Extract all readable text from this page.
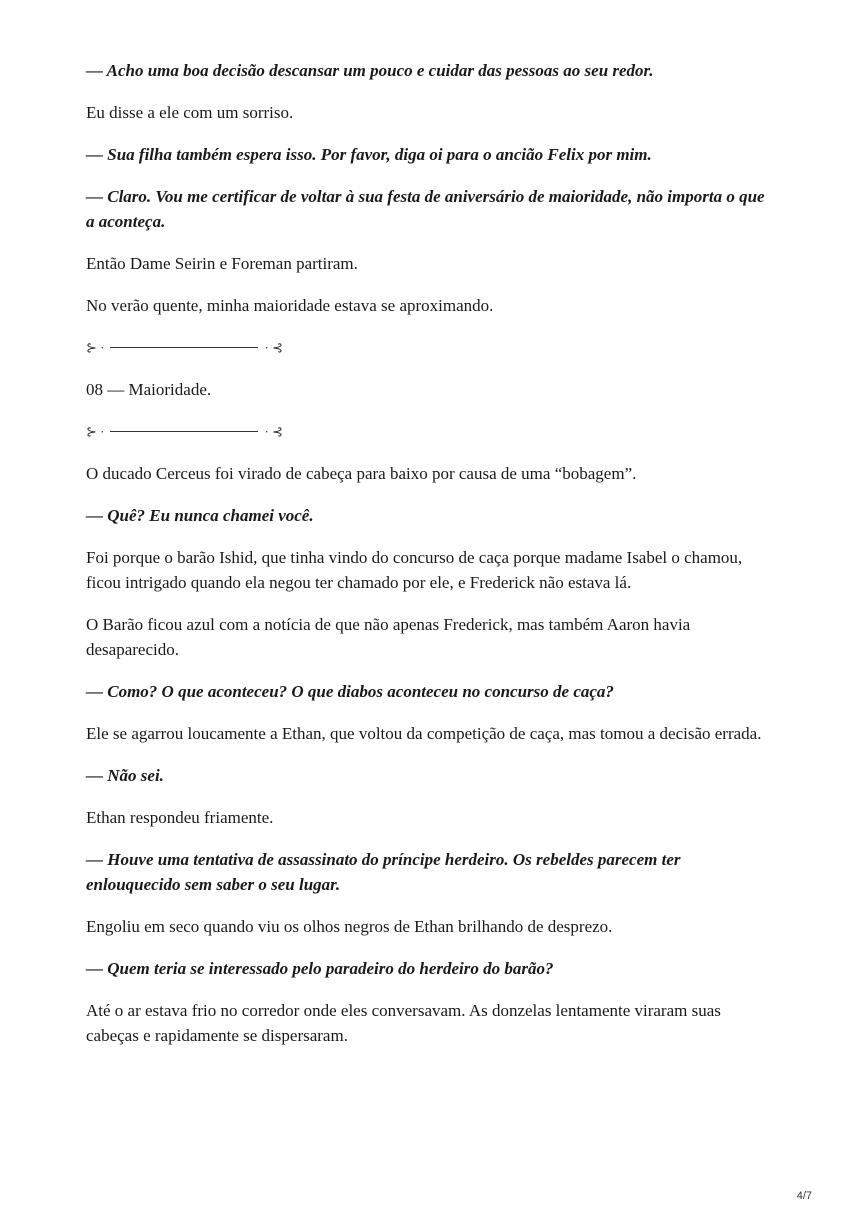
— Acho uma boa decisão descansar um pouco e cuidar das pessoas ao seu redor.

Eu disse a ele com um sorriso.

— Sua filha também espera isso. Por favor, diga oi para o ancião Felix por mim.

— Claro. Vou me certificar de voltar à sua festa de aniversário de maioridade, não importa o que a aconteça.

Então Dame Seirin e Foreman partiram.

No verão quente, minha maioridade estava se aproximando.

⊱ ·	· ⊰

08 — Maioridade.

⊱ ·	· ⊰

O ducado Cerceus foi virado de cabeça para baixo por causa de uma “bobagem”.

— Quê? Eu nunca chamei você.

Foi porque o barão Ishid, que tinha vindo do concurso de caça porque madame Isabel o chamou, ficou intrigado quando ela negou ter chamado por ele, e Frederick não estava lá.

O Barão ficou azul com a notícia de que não apenas Frederick, mas também Aaron havia desaparecido.

— Como? O que aconteceu? O que diabos aconteceu no concurso de caça?

Ele se agarrou loucamente a Ethan, que voltou da competição de caça, mas tomou a decisão errada.

— Não sei.

Ethan respondeu friamente.

— Houve uma tentativa de assassinato do príncipe herdeiro. Os rebeldes parecem ter enlouquecido sem saber o seu lugar.

Engoliu em seco quando viu os olhos negros de Ethan brilhando de desprezo.

— Quem teria se interessado pelo paradeiro do herdeiro do barão?

Até o ar estava frio no corredor onde eles conversavam. As donzelas lentamente viraram suas cabeças e rapidamente se dispersaram.

4/7
